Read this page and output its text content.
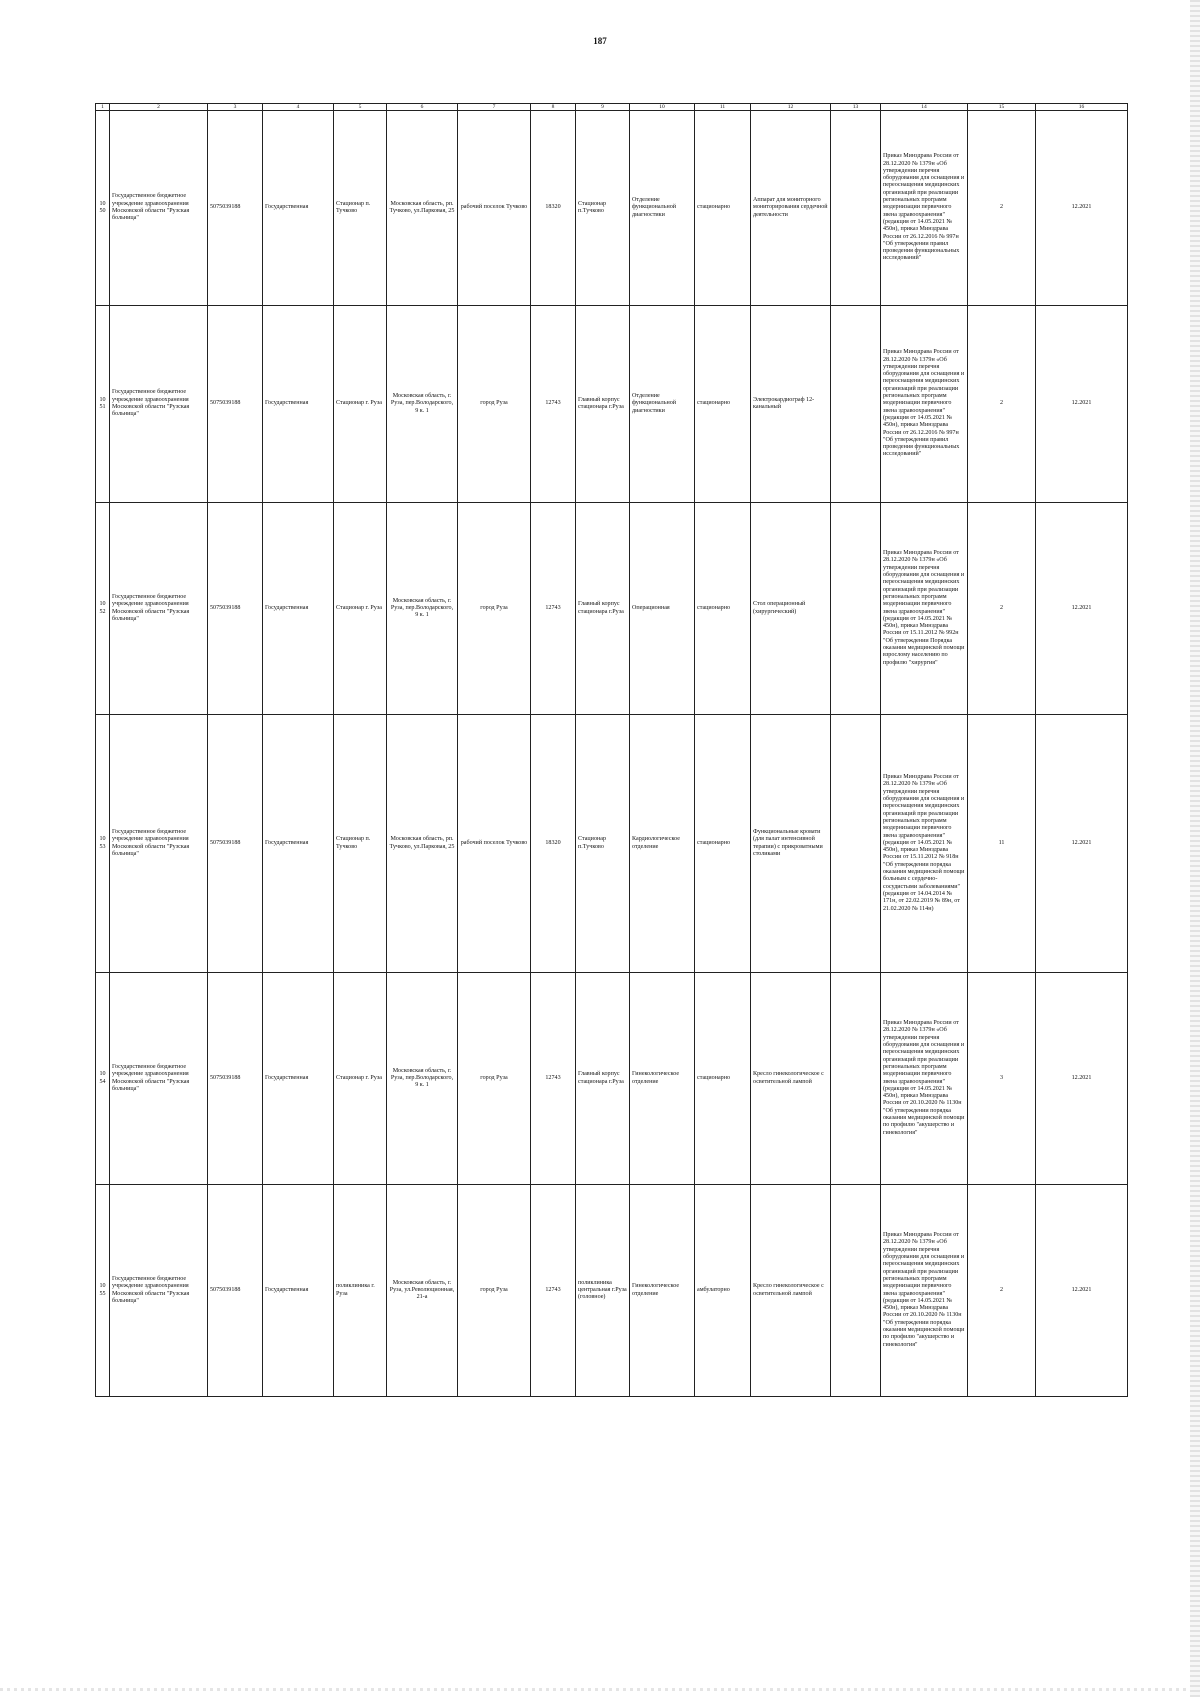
187
1	2	3	4	5	6	7	8	9	10	11	12	13	14	15	16
1050	Государственное бюджетное учреждение здравоохранения Московской области "Рузская больница"	5075039188	Государственная	Стационар п. Тучково	Московская область, рп. Тучково, ул.Парковая, 25	рабочий поселок Тучково	18320	Стационар п.Тучково	Отделение функциональной диагностики	стационарно	Аппарат для мониторного мониторирования сердечной деятельности		Приказ Минздрава России от 28.12.2020 № 1379н «Об утверждении перечня оборудования для оснащения и переоснащения медицинских организаций при реализации региональных программ модернизации первичного звена здравоохранения"(редакция от 14.05.2021 № 450н), приказ Минздрава России от 26.12.2016 № 997н "Об утверждении правил проведения функциональных исследований"	2	12.2021
1051	Государственное бюджетное учреждение здравоохранения Московской области "Рузская больница"	5075039188	Государственная	Стационар г. Руза	Московская область, г. Руза, пер.Володарского, 9 к. 1	город Руза	12743	Главный корпус стационара г.Руза	Отделение функциональной диагностики	стационарно	Электрокардиограф 12-канальный		Приказ Минздрава России от 28.12.2020 № 1379н «Об утверждении перечня оборудования для оснащения и переоснащения медицинских организаций при реализации региональных программ модернизации первичного звена здравоохранения"(редакция от 14.05.2021 № 450н), приказ Минздрава России от 26.12.2016 № 997н "Об утверждении правил проведения функциональных исследований"	2	12.2021
1052	Государственное бюджетное учреждение здравоохранения Московской области "Рузская больница"	5075039188	Государственная	Стационар г. Руза	Московская область, г. Руза, пер.Володарского, 9 к. 1	город Руза	12743	Главный корпус стационара г.Руза	Операционная	стационарно	Стол операционный (хирургический)		Приказ Минздрава России от 28.12.2020 № 1379н «Об утверждении перечня оборудования для оснащения и переоснащения медицинских организаций при реализации региональных программ модернизации первичного звена здравоохранения"(редакция от 14.05.2021 № 450н), приказ Минздрава России от 15.11.2012 № 992н "Об утверждении Порядка оказания медицинской помощи взрослому населению по профилю "хирургия"	2	12.2021
1053	Государственное бюджетное учреждение здравоохранения Московской области "Рузская больница"	5075039188	Государственная	Стационар п. Тучково	Московская область, рп. Тучково, ул.Парковая, 25	рабочий поселок Тучково	18320	Стационар п.Тучково	Кардиологическое отделение	стационарно	Функциональные кровати (для палат интенсивной терапии) с прикроватными столиками		Приказ Минздрава России от 28.12.2020 № 1379н «Об утверждении перечня оборудования для оснащения и переоснащения медицинских организаций при реализации региональных программ модернизации первичного звена здравоохранения"(редакция от 14.05.2021 № 450н), приказ Минздрава России от 15.11.2012 № 918н "Об утверждении порядка оказания медицинской помощи больным с сердечно-сосудистыми заболеваниями" (редакция от 14.04.2014 № 171н, от 22.02.2019 № 89н, от 21.02.2020 № 114н)	11	12.2021
1054	Государственное бюджетное учреждение здравоохранения Московской области "Рузская больница"	5075039188	Государственная	Стационар г. Руза	Московская область, г. Руза, пер.Володарского, 9 к. 1	город Руза	12743	Главный корпус стационара г.Руза	Гинекологическое отделение	стационарно	Кресло гинекологическое с осветительной лампой		Приказ Минздрава России от 28.12.2020 № 1379н «Об утверждении перечня оборудования для оснащения и переоснащения медицинских организаций при реализации региональных программ модернизации первичного звена здравоохранения"(редакция от 14.05.2021 № 450н), приказ Минздрава России от 20.10.2020 № 1130н "Об утверждении порядка оказания медицинской помощи по профилю "акушерство и гинекология"	3	12.2021
1055	Государственное бюджетное учреждение здравоохранения Московской области "Рузская больница"	5075039188	Государственная	поликлиника г. Руза	Московская область, г. Руза, ул.Революционная, 21-а	город Руза	12743	поликлиника центральная г.Руза (головное)	Гинекологическое отделение	амбулаторно	Кресло гинекологическое с осветительной лампой		Приказ Минздрава России от 28.12.2020 № 1379н «Об утверждении перечня оборудования для оснащения и переоснащения медицинских организаций при реализации региональных программ модернизации первичного звена здравоохранения"(редакция от 14.05.2021 № 450н), приказ Минздрава России от 20.10.2020 № 1130н "Об утверждении порядка оказания медицинской помощи по профилю "акушерство и гинекология"	2	12.2021
